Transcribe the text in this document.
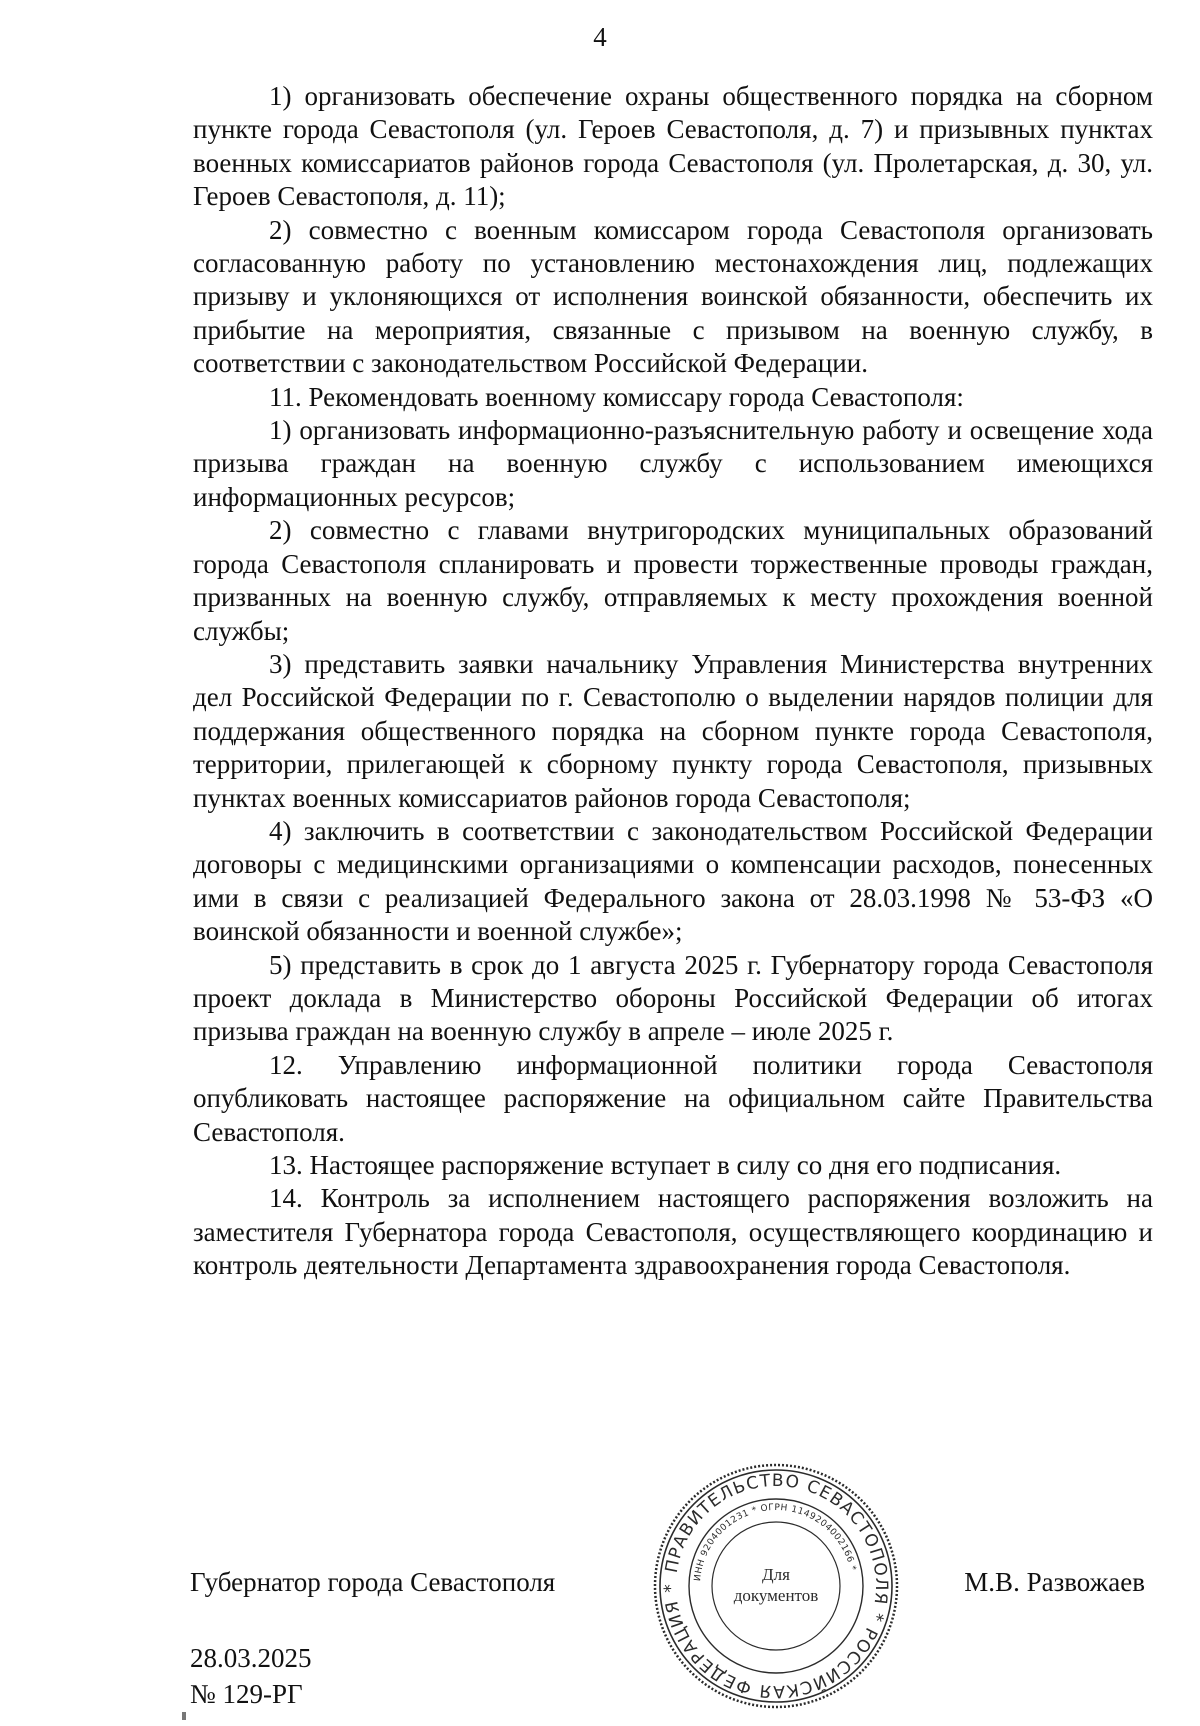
4

1) организовать обеспечение охраны общественного порядка на сборном пункте города Севастополя (ул. Героев Севастополя, д. 7) и призывных пунктах военных комиссариатов районов города Севастополя (ул. Пролетарская, д. 30, ул. Героев Севастополя, д. 11);

2) совместно с военным комиссаром города Севастополя организовать согласованную работу по установлению местонахождения лиц, подлежащих призыву и уклоняющихся от исполнения воинской обязанности, обеспечить их прибытие на мероприятия, связанные с призывом на военную службу, в соответствии с законодательством Российской Федерации.

11. Рекомендовать военному комиссару города Севастополя:

1) организовать информационно-разъяснительную работу и освещение хода призыва граждан на военную службу с использованием имеющихся информационных ресурсов;

2) совместно с главами внутригородских муниципальных образований города Севастополя спланировать и провести торжественные проводы граждан, призванных на военную службу, отправляемых к месту прохождения военной службы;

3) представить заявки начальнику Управления Министерства внутренних дел Российской Федерации по г. Севастополю о выделении нарядов полиции для поддержания общественного порядка на сборном пункте города Севастополя, территории, прилегающей к сборному пункту города Севастополя, призывных пунктах военных комиссариатов районов города Севастополя;

4) заключить в соответствии с законодательством Российской Федерации договоры с медицинскими организациями о компенсации расходов, понесенных ими в связи с реализацией Федерального закона от 28.03.1998 № 53-ФЗ «О воинской обязанности и военной службе»;

5) представить в срок до 1 августа 2025 г. Губернатору города Севастополя проект доклада в Министерство обороны Российской Федерации об итогах призыва граждан на военную службу в апреле – июле 2025 г.

12. Управлению информационной политики города Севастополя опубликовать настоящее распоряжение на официальном сайте Правительства Севастополя.

13. Настоящее распоряжение вступает в силу со дня его подписания.

14. Контроль за исполнением настоящего распоряжения возложить на заместителя Губернатора города Севастополя, осуществляющего координацию и контроль деятельности Департамента здравоохранения города Севастополя.

Губернатор города Севастополя	М.В. Развожаев
ПРАВИТЕЛЬСТВО СЕВАСТОПОЛЯ * РОССИЙСКАЯ ФЕДЕРАЦИЯ *
ИНН 9204001231 * ОГРН 1149204002166 *
Для
документов
28.03.2025
№ 129-РГ
